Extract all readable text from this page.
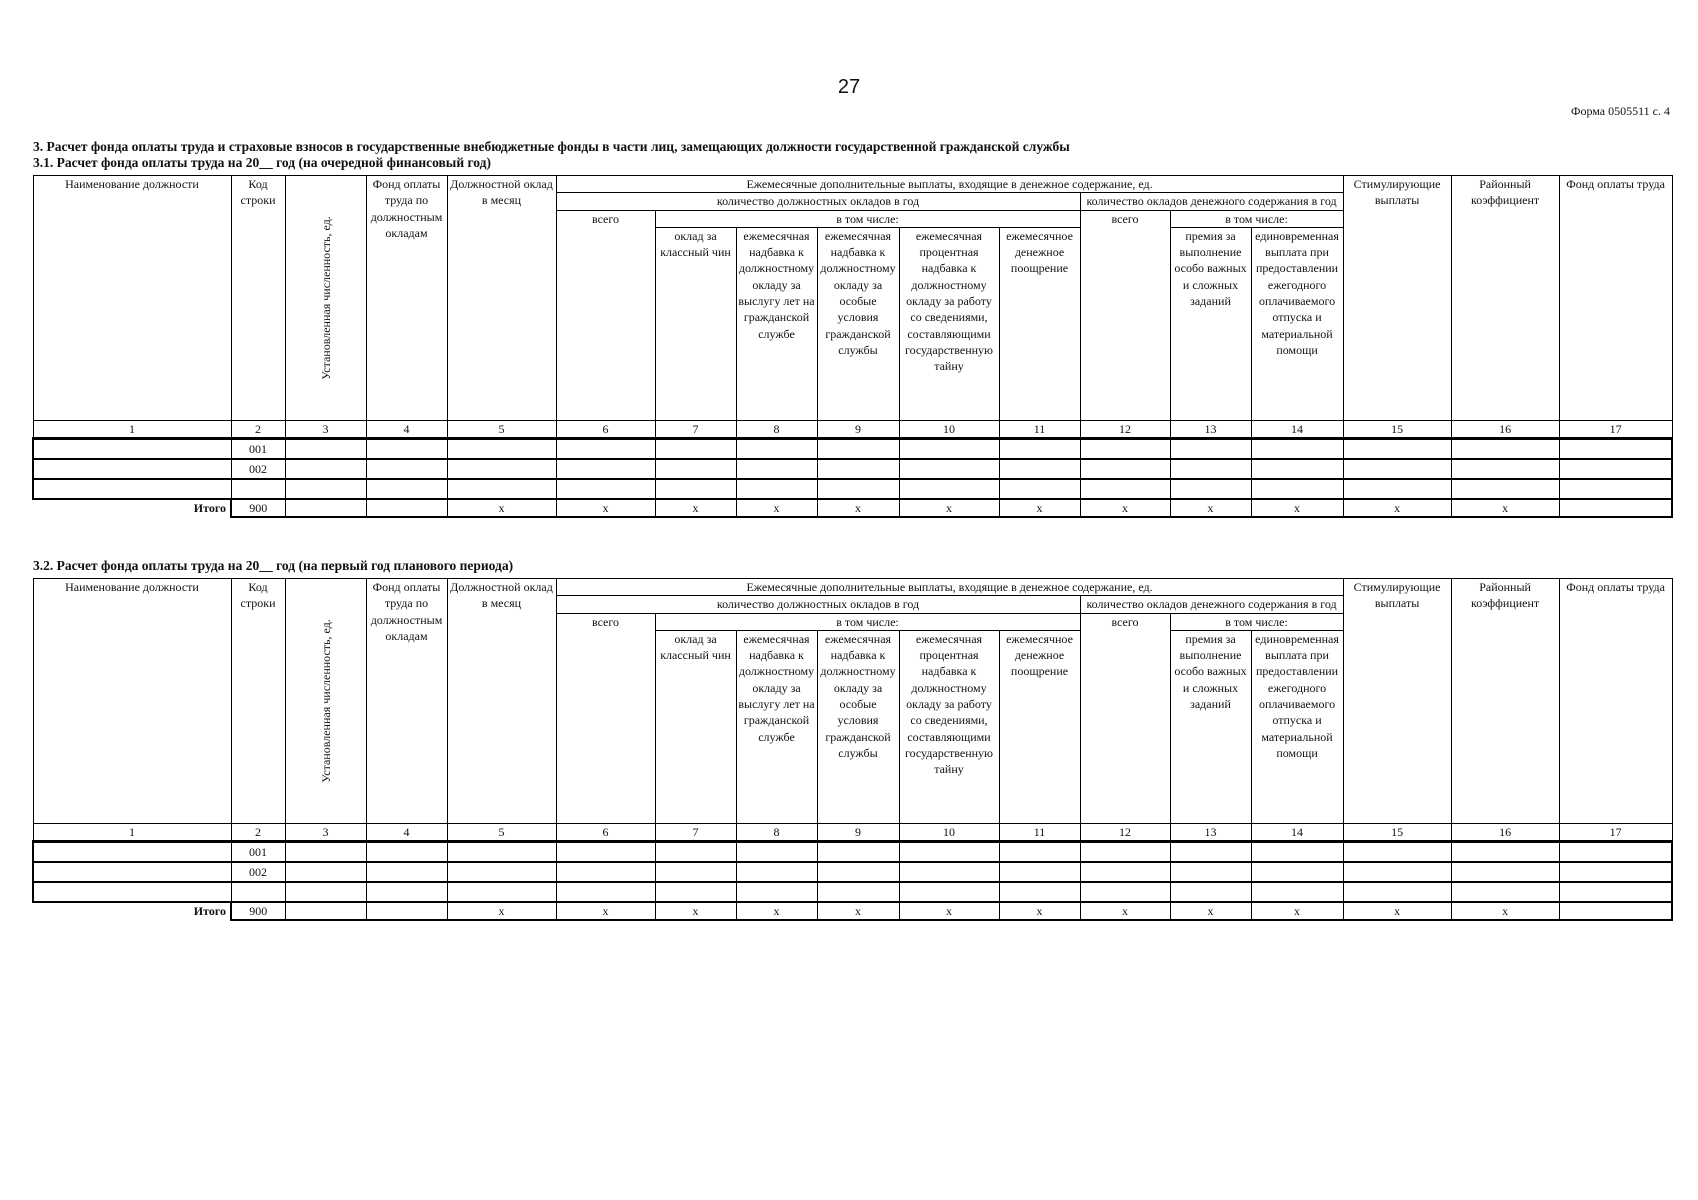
27
Форма 0505511 с. 4
3. Расчет фонда оплаты труда и страховые взносов в государственные внебюджетные фонды в части лиц, замещающих должности государственной гражданской службы
3.1. Расчет фонда оплаты труда на 20__ год (на очередной финансовый год)
3.2. Расчет фонда оплаты труда на 20__ год (на первый год планового периода)
Наименование должности	Код строки	Установленная численность, ед.	Фонд оплаты труда по должностным окладам	Должностной оклад в месяц	Ежемесячные дополнительные выплаты, входящие в денежное содержание, ед.									Стимулирующие выплаты	Районный коэффициент	Фонд оплаты труда
					количество должностных окладов в год						количество окладов денежного содержания в год					
					всего	в том числе:					всего	в том числе:				
						оклад за классный чин	ежемесячная надбавка к должностному окладу за выслугу лет на гражданской службе	ежемесячная надбавка к должностному окладу за особые условия гражданской службы	ежемесячная процентная надбавка к должностному окладу за работу со сведениями, составляющими государственную тайну	ежемесячное денежное поощрение		премия за выполнение особо важных и сложных заданий	единовременная выплата при предоставлении ежегодного оплачиваемого отпуска и материальной помощи			
1	2	3	4	5	6	7	8	9	10	11	12	13	14	15	16	17
	001															
	002															

Итого	900			x	x	x	x	x	x	x	x	x	x	x	x	
Наименование должности	Код строки	Установленная численность, ед.	Фонд оплаты труда по должностным окладам	Должностной оклад в месяц	Ежемесячные дополнительные выплаты, входящие в денежное содержание, ед.									Стимулирующие выплаты	Районный коэффициент	Фонд оплаты труда
					количество должностных окладов в год						количество окладов денежного содержания в год					
					всего	в том числе:					всего	в том числе:				
						оклад за классный чин	ежемесячная надбавка к должностному окладу за выслугу лет на гражданской службе	ежемесячная надбавка к должностному окладу за особые условия гражданской службы	ежемесячная процентная надбавка к должностному окладу за работу со сведениями, составляющими государственную тайну	ежемесячное денежное поощрение		премия за выполнение особо важных и сложных заданий	единовременная выплата при предоставлении ежегодного оплачиваемого отпуска и материальной помощи			
1	2	3	4	5	6	7	8	9	10	11	12	13	14	15	16	17
	001															
	002															

Итого	900			x	x	x	x	x	x	x	x	x	x	x	x	
